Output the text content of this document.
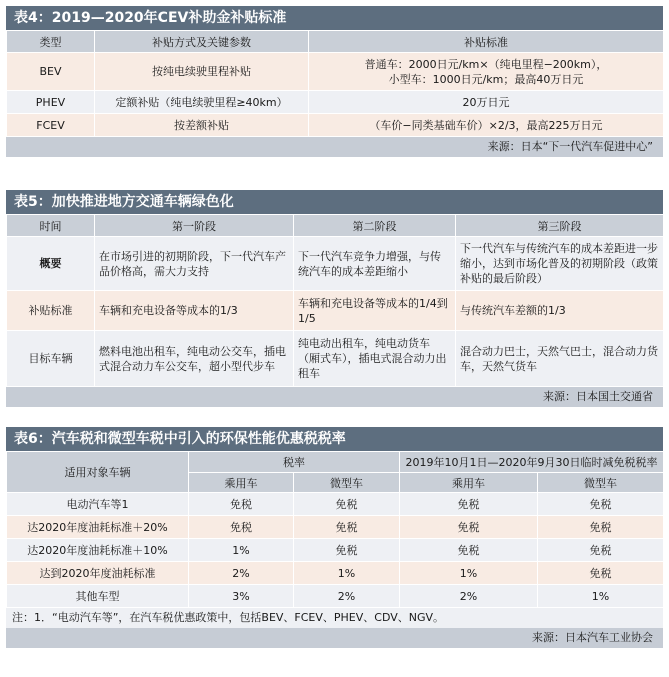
表4：2019—2020年CEV补助金补贴标准
类型	补贴方式及关键参数	补贴标准
BEV	按纯电续驶里程补贴	普通车：2000日元/km×（纯电里程−200km），
小型车：1000日元/km；最高40万日元
PHEV	定额补贴（纯电续驶里程≥40km）	20万日元
FCEV	按差额补贴	（车价−同类基础车价）×2/3，最高225万日元
来源：日本“下一代汽车促进中心”
表5：加快推进地方交通车辆绿色化
时间	第一阶段	第二阶段	第三阶段
概要	在市场引进的初期阶段，下一代汽车产品价格高，需大力支持	下一代汽车竞争力增强，与传统汽车的成本差距缩小	下一代汽车与传统汽车的成本差距进一步缩小，达到市场化普及的初期阶段（政策补贴的最后阶段）
补贴标准	车辆和充电设备等成本的1/3	车辆和充电设备等成本的1/4到1/5	与传统汽车差额的1/3
目标车辆	燃料电池出租车，纯电动公交车，插电式混合动力车公交车，超小型代步车	纯电动出租车，纯电动货车（厢式车），插电式混合动力出租车	混合动力巴士，天然气巴士，混合动力货车，天然气货车
来源：日本国土交通省
表6：汽车税和微型车税中引入的环保性能优惠税税率
适用对象车辆	税率		2019年10月1日—2020年9月30日临时减免税税率	
	乘用车	微型车	乘用车	微型车
电动汽车等1	免税	免税	免税	免税
达2020年度油耗标准＋20%	免税	免税	免税	免税
达2020年度油耗标准＋10%	1%	免税	免税	免税
达到2020年度油耗标准	2%	1%	1%	免税
其他车型	3%	2%	2%	1%
注：1．“电动汽车等”，在汽车税优惠政策中，包括BEV、FCEV、PHEV、CDV、NGV。
来源：日本汽车工业协会
